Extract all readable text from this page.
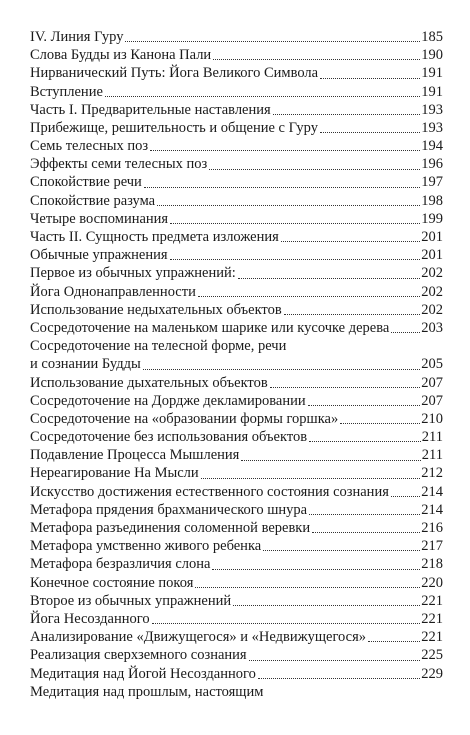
IV. Линия Гуру	185
Слова Будды из Канона Пали	190
Нирванический Путь: Йога Великого Символа	191
Вступление	191
Часть I. Предварительные наставления	193
Прибежище, решительность и общение с Гуру	193
Семь телесных поз	194
Эффекты семи телесных поз	196
Спокойствие речи	197
Спокойствие разума	198
Четыре воспоминания	199
Часть II. Сущность предмета изложения	201
Обычные упражнения	201
Первое из обычных упражнений:	202
Йога Однонаправленности	202
Использование недыхательных объектов	202
Сосредоточение на маленьком шарике или кусочке дерева 203
Сосредоточение на телесной форме, речи
и сознании Будды	205
Использование дыхательных объектов	207
Сосредоточение на Дордже декламировании	207
Сосредоточение на «образовании формы горшка»	210
Сосредоточение без использования объектов	211
Подавление Процесса Мышления	211
Нереагирование На Мысли	212
Искусство достижения естественного состояния сознания 214
Метафора прядения брахманического шнура	214
Метафора разъединения соломенной веревки	216
Метафора умственно живого ребенка	217
Метафора безразличия слона	218
Конечное состояние покоя	220
Второе из обычных упражнений	221
Йога Несозданного	221
Анализирование «Движущегося» и «Недвижущегося»	221
Реализация сверхземного сознания	225
Медитация над Йогой Несозданного	229
Медитация над прошлым, настоящим
